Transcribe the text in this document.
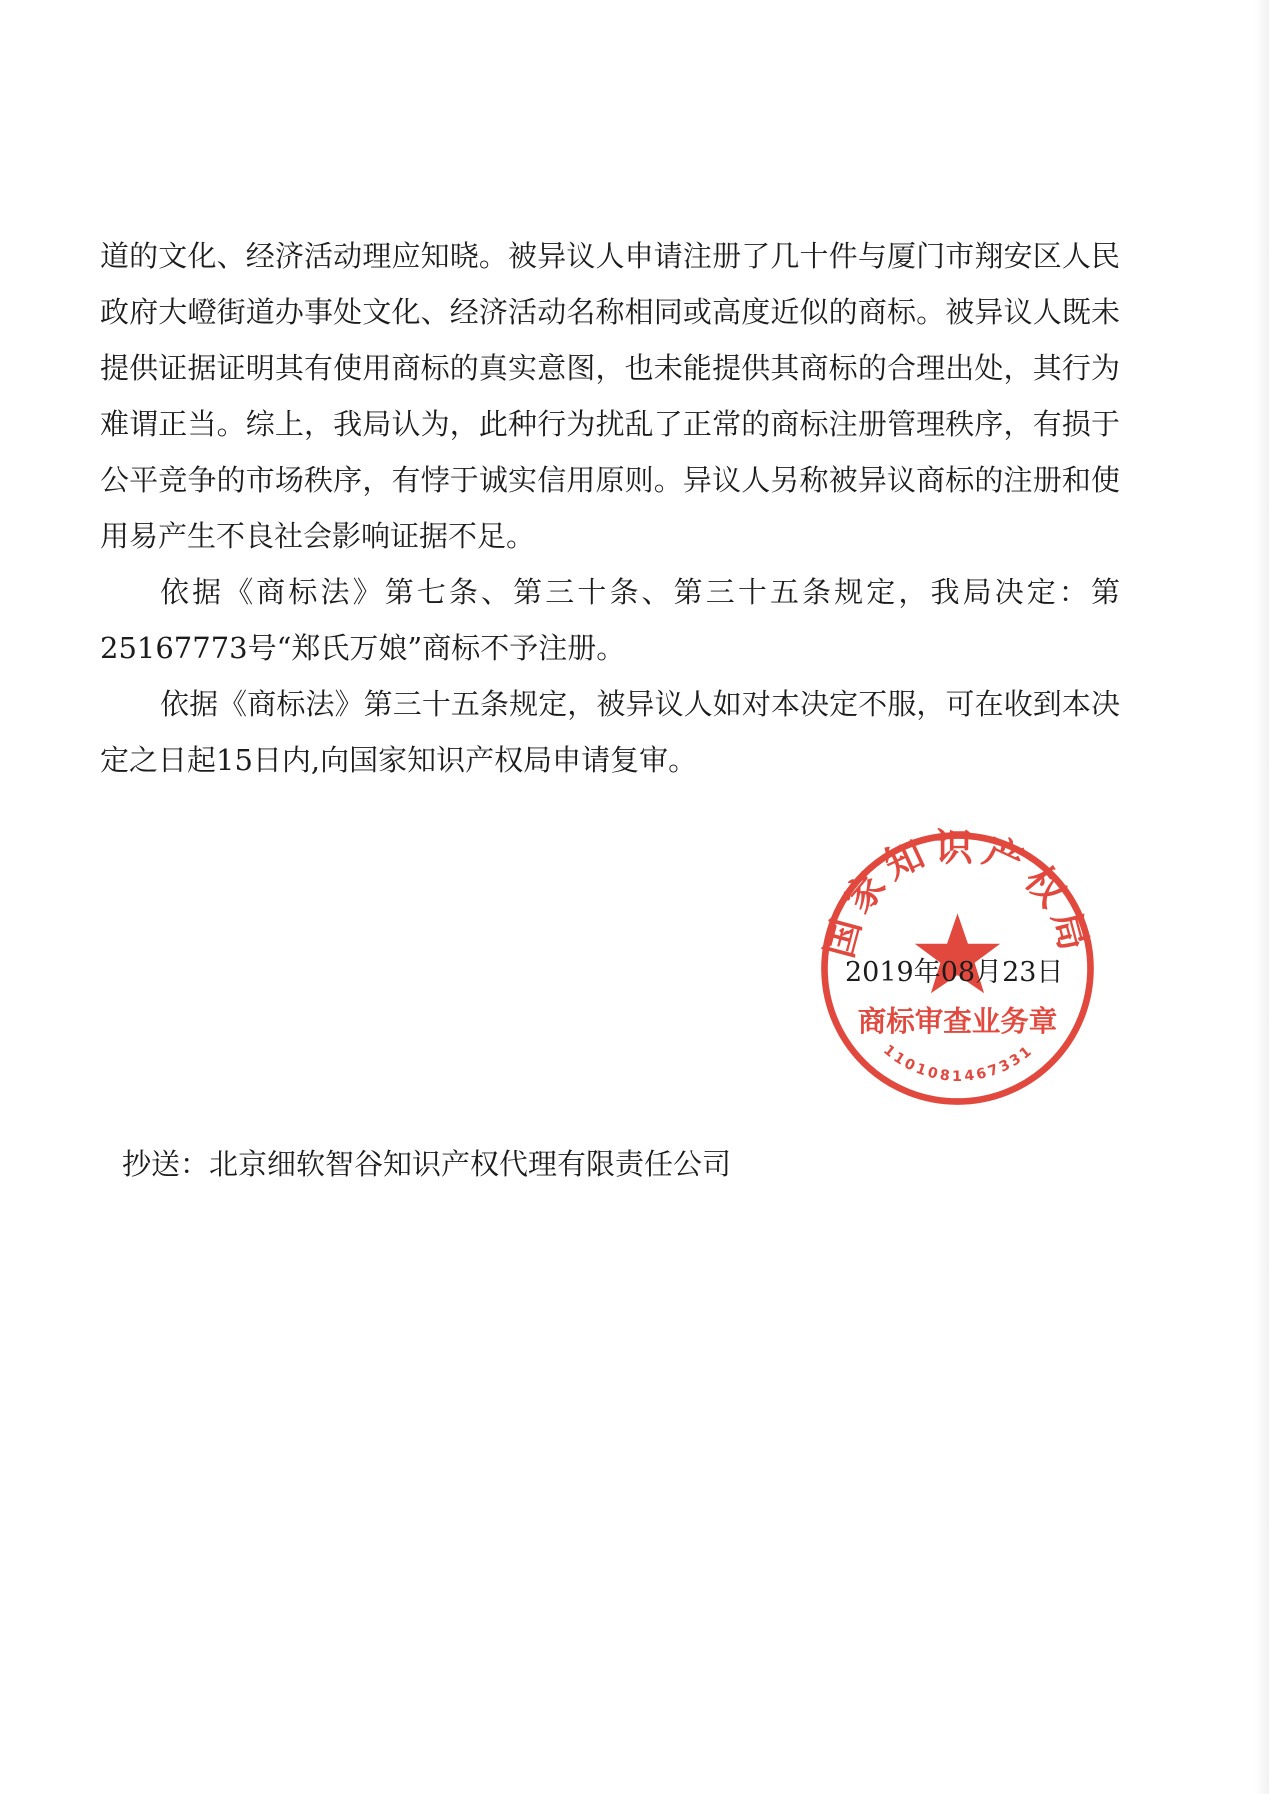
道的文化、经济活动理应知晓。被异议人申请注册了几十件与厦门市翔安区人民政府大嶝街道办事处文化、经济活动名称相同或高度近似的商标。被异议人既未提供证据证明其有使用商标的真实意图，也未能提供其商标的合理出处，其行为难谓正当。综上，我局认为，此种行为扰乱了正常的商标注册管理秩序，有损于公平竞争的市场秩序，有悖于诚实信用原则。异议人另称被异议商标的注册和使用易产生不良社会影响证据不足。

依据《商标法》第七条、第三十条、第三十五条规定，我局决定：第25167773号“郑氏万娘”商标不予注册。

依据《商标法》第三十五条规定，被异议人如对本决定不服，可在收到本决定之日起15日内,向国家知识产权局申请复审。

国家知识产权局
商标审查业务章
1101081467331
2019年08月23日
抄送：北京细软智谷知识产权代理有限责任公司
